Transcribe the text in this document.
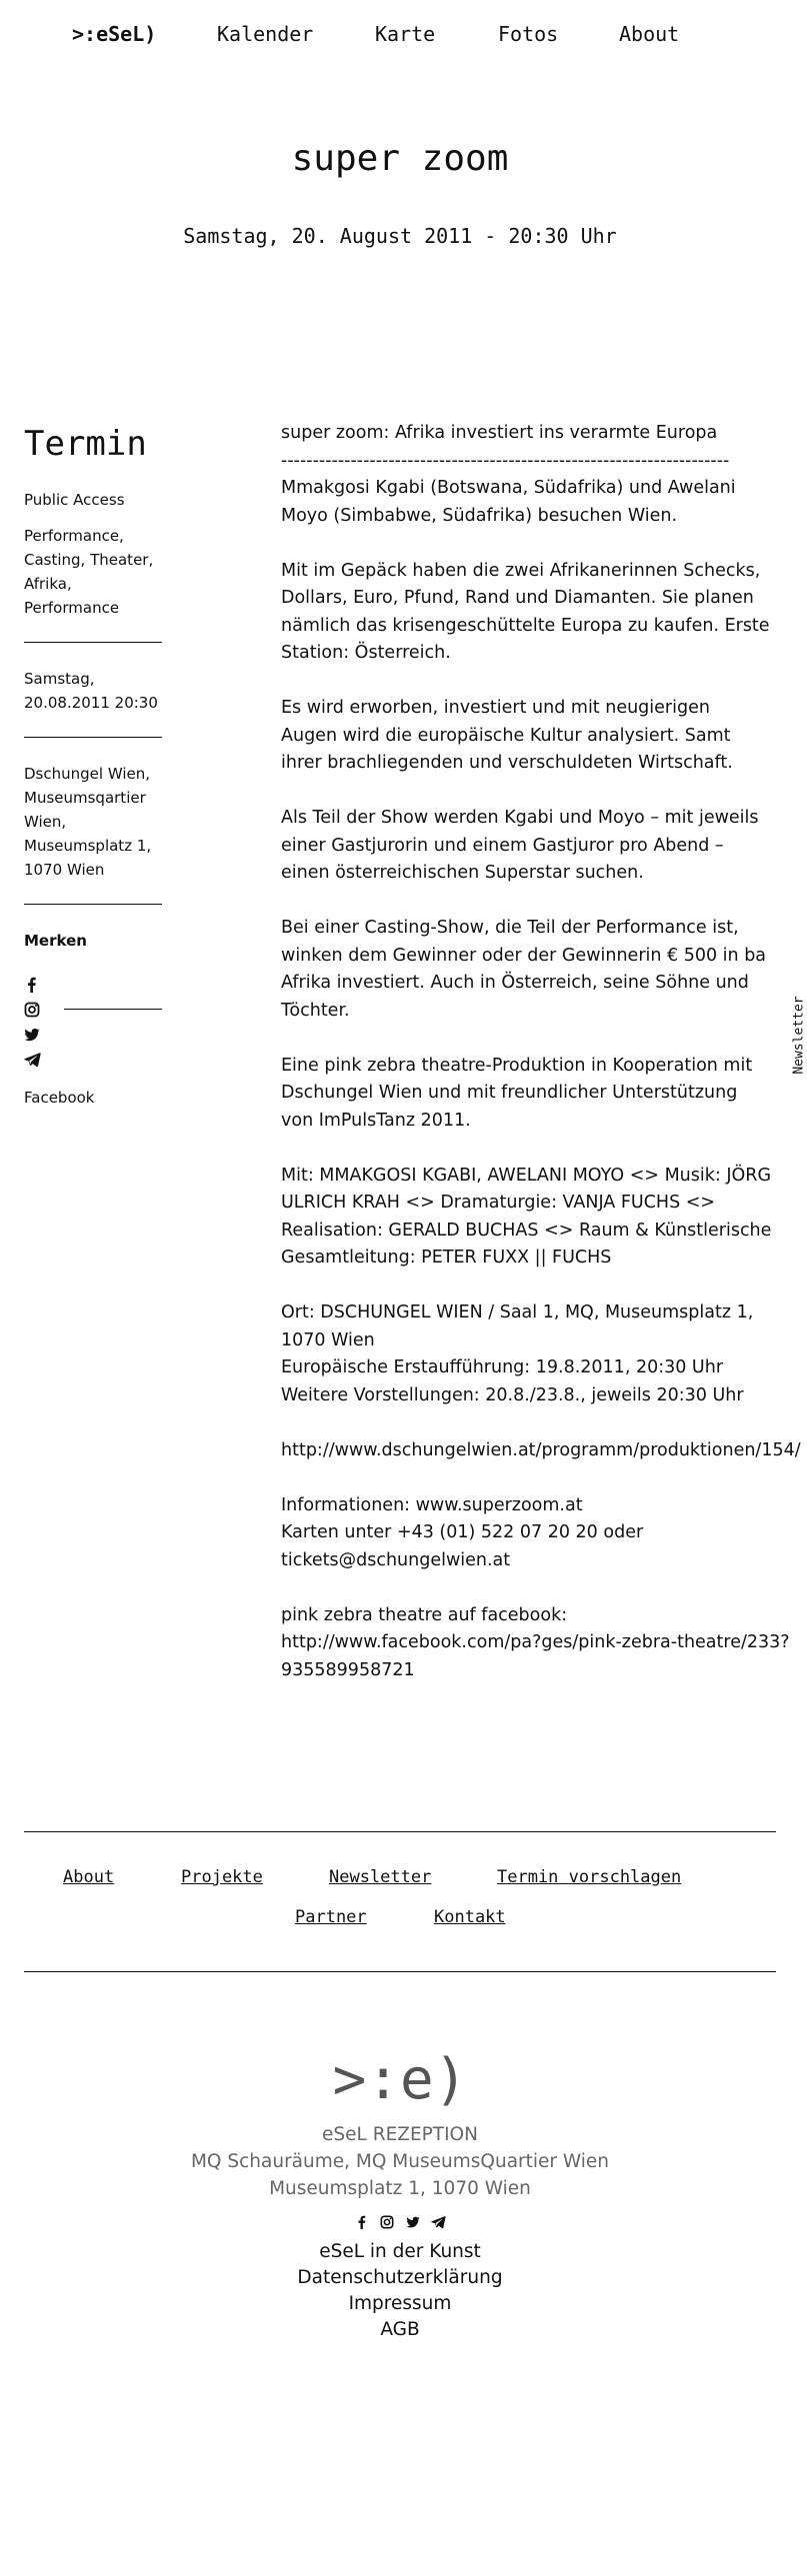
>:eSeL)	Kalender	Karte	Fotos	About
super zoom
Samstag, 20. August 2011 - 20:30 Uhr
Termin
Public Access
Performance,
Casting, Theater,
Afrika,
Performance
Samstag,
20.08.2011 20:30
Dschungel Wien,
Museumsqartier
Wien,
Museumsplatz 1,
1070 Wien
Merken
Facebook
super zoom: Afrika investiert ins verarmte Europa
-----------------------------------------------------------------------

Mmakgosi Kgabi (Botswana, Südafrika) und Awelani Moyo (Simbabwe, Südafrika) besuchen Wien.

Mit im Gepäck haben die zwei Afrikanerinnen Schecks, Dollars, Euro, Pfund, Rand und Diamanten. Sie planen nämlich das krisengeschüttelte Europa zu kaufen. Erste Station: Österreich.

Es wird erworben, investiert und mit neugierigen Augen wird die europäische Kultur analysiert. Samt ihrer brachliegenden und verschuldeten Wirtschaft.

Als Teil der Show werden Kgabi und Moyo – mit jeweils einer Gastjurorin und einem Gastjuror pro Abend – einen österreichischen Superstar suchen.

Bei einer Casting-Show, die Teil der Performance ist,
winken dem Gewinner oder der Gewinnerin € 500 in ba
Afrika investiert. Auch in Österreich, seine Söhne und
Töchter.

Eine pink zebra theatre-Produktion in Kooperation mit Dschungel Wien und mit freundlicher Unterstützung von ImPulsTanz 2011.

Mit: MMAKGOSI KGABI, AWELANI MOYO <> Musik: JÖRG
ULRICH KRAH <> Dramaturgie: VANJA FUCHS <>
Realisation: GERALD BUCHAS <> Raum & Künstlerische
Gesamtleitung: PETER FUXX || FUCHS

Ort: DSCHUNGEL WIEN / Saal 1, MQ, Museumsplatz 1,
1070 Wien
Europäische Erstaufführung: 19.8.2011, 20:30 Uhr
Weitere Vorstellungen: 20.8./23.8., jeweils 20:30 Uhr

http://www.dschungelwien.at/programm/produktionen/154/

Informationen: www.superzoom.at
Karten unter +43 (01) 522 07 20 20 oder
tickets@dschungelwien.at

pink zebra theatre auf facebook:
http://www.facebook.com/pa?ges/pink-zebra-theatre/233?
935589958721

Newsletter
About	Projekte	Newsletter	Termin vorschlagen
Partner	Kontakt
>:e)
eSeL REZEPTION
MQ Schauräume, MQ MuseumsQuartier Wien
Museumsplatz 1, 1070 Wien

eSeL in der Kunst
Datenschutzerklärung
Impressum
AGB
